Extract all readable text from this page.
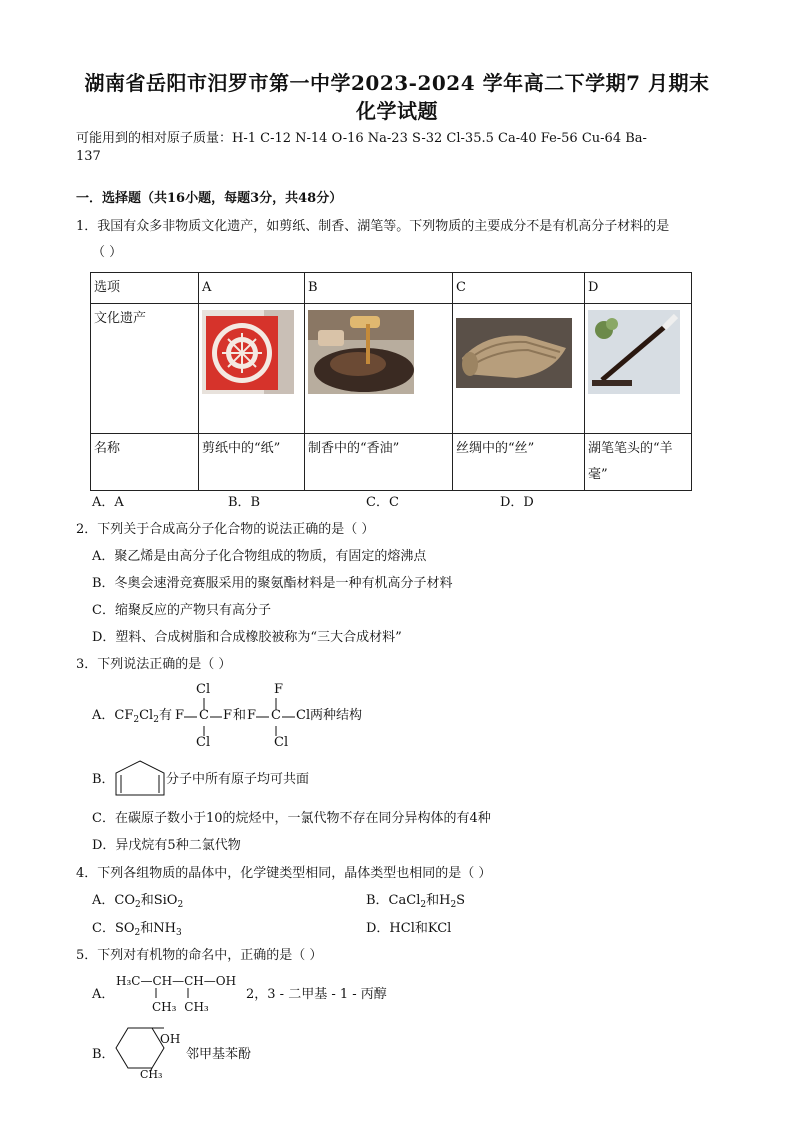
湖南省岳阳市汨罗市第一中学2023-2024 学年高二下学期7 月期末
化学试题
可能用到的相对原子质量：H-1 C-12 N-14 O-16 Na-23 S-32 Cl-35.5 Ca-40 Fe-56 Cu-64 Ba-
137
一．选择题（共16小题，每题3分，共48分）
1．我国有众多非物质文化遗产，如剪纸、制香、湖笔等。下列物质的主要成分不是有机高分子材料的是
（ ）
选项	A	B	C	D
文化遗产				
名称	剪纸中的“纸”	制香中的“香油”	丝绸中的“丝”	湖笔笔头的“羊
毫”
A．A	B．B	C．C	D．D
2．下列关于合成高分子化合物的说法正确的是（ ）
A．聚乙烯是由高分子化合物组成的物质，有固定的熔沸点
B．冬奥会速滑竞赛服采用的聚氨酯材料是一种有机高分子材料
C．缩聚反应的产物只有高分子
D．塑料、合成树脂和合成橡胶被称为“三大合成材料”
3．下列说法正确的是（ ）
A．$CF_2Cl_2$有
Cl
F C F
Cl
和
F
F C Cl
Cl
两种结构
B．	分子中所有原子均可共面
C．在碳原子数小于10的烷烃中，一氯代物不存在同分异构体的有4种
D．异戊烷有5种二氯代物
4．下列各组物质的晶体中，化学键类型相同，晶体类型也相同的是（ ）
A．$CO_2$和SiO$_2$	B．CaCl$_2$和$H_2S$
C．$SO_2$和$NH_3$	D．HCl和KCl
5．下列对有机物的命名中，正确的是（ ）
A．
H₃C—CH—CH—OH
CH₃ CH₃
2，3 - 二甲基 - 1 - 丙醇
B．
OH
CH₃
邻甲基苯酚
